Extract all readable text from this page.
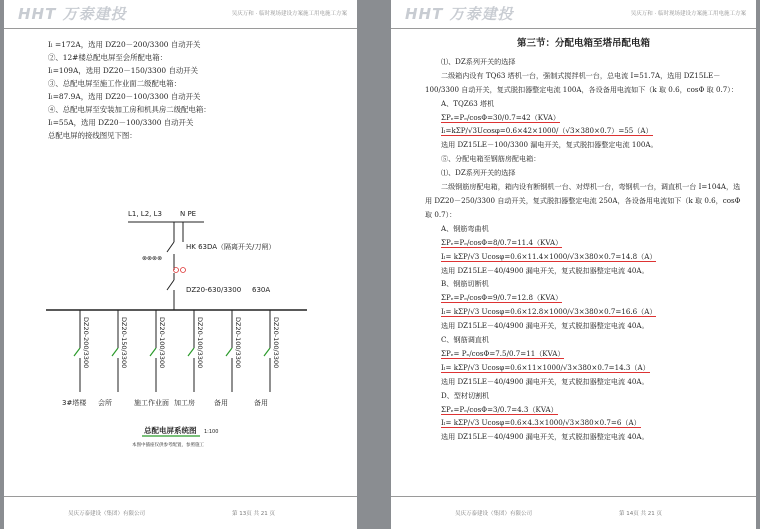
HHT 万泰建投	吴庆万和 · 临时现场建设方案施工用电施工方案

Iₗ =172A，选用 DZ20－200/3300 自动开关

②、12#楼总配电屏至会所配电箱：

Iₗ=109A，选用 DZ20－150/3300 自动开关

③、总配电屏至施工作业面二级配电箱：

Iₗ=87.9A，选用 DZ20－100/3300 自动开关

④、总配电屏至安装加工房和机具房二级配电箱：

Iₗ=55A，选用 DZ20－100/3300 自动开关

总配电屏的接线图见下图：

L1, L2, L3	N PE
HK 63DA（隔离开关/刀闸）
⊗⊗⊗⊗
DZ20-630/3300 630A
DZ20-200/3300
3#塔楼
DZ20-150/3300
会所
DZ20-100/3300
施工作业面
DZ20-100/3300
加工房
DZ20-100/3300
备用
DZ20-100/3300
备用
总配电屏系统图 1:100
本图中插座仅供参考配置，参照施工
吴庆万泰建设（集团）有限公司	第 13页 共 21 页
HHT 万泰建投	吴庆万和 · 临时现场建设方案施工用电施工方案

第三节：分配电箱至塔吊配电箱

⑴、DZ系列开关的选择

二级箱内设有 TQ63 塔机一台，强制式搅拌机一台，总电流 I=51.7A，选用 DZ15LE－100/3300 自动开关，复式脱扣器整定电流 100A，各设备用电流如下（k 取 0.6，cosΦ 取 0.7）：

A、TQZ63 塔机

ΣPₑ=Pₑ/cosΦ=30/0.7=42（KVA）

Iₗ=kΣP/√3Ucosφ=0.6×42×1000/（√3×380×0.7）=55（A）

选用 DZ15LE－100/3300 漏电开关，复式脱扣器整定电流 100A。

⑤、分配电箱至钢筋房配电箱：

⑴、DZ系列开关的选择

二级钢筋房配电箱，箱内设有断钢机一台、对焊机一台，弯钢机一台，调直机一台 I=104A，选用 DZ20－250/3300 自动开关，复式脱扣器整定电流 250A，各设备用电流如下（k 取 0.6，cosΦ 取 0.7）：

A、钢筋弯曲机

ΣPₑ=Pₑ/cosΦ=8/0.7=11.4（KVA）

Iₗ= kΣP/√3 Ucosφ=0.6×11.4×1000/√3×380×0.7=14.8（A）

选用 DZ15LE－40/4900 漏电开关，复式脱扣器整定电流 40A。

B、钢筋切断机

ΣPₑ=Pₑ/cosΦ=9/0.7=12.8（KVA）

Iₗ= kΣP/√3 Ucosφ=0.6×12.8×1000/√3×380×0.7=16.6（A）

选用 DZ15LE－40/4900 漏电开关，复式脱扣器整定电流 40A。

C、钢筋调直机

ΣPₑ= Pₑ/cosΦ=7.5/0.7=11（KVA）

Iₗ= kΣP/√3 Ucosφ=0.6×11×1000/√3×380×0.7=14.3（A）

选用 DZ15LE－40/4900 漏电开关，复式脱扣器整定电流 40A。

D、型材切割机

ΣPₑ=Pₑ/cosΦ=3/0.7=4.3（KVA）

Iₗ= kΣP/√3 Ucosφ=0.6×4.3×1000/√3×380×0.7=6（A）

选用 DZ15LE－40/4900 漏电开关，复式脱扣器整定电流 40A。

吴庆万泰建设（集团）有限公司	第 14页 共 21 页
